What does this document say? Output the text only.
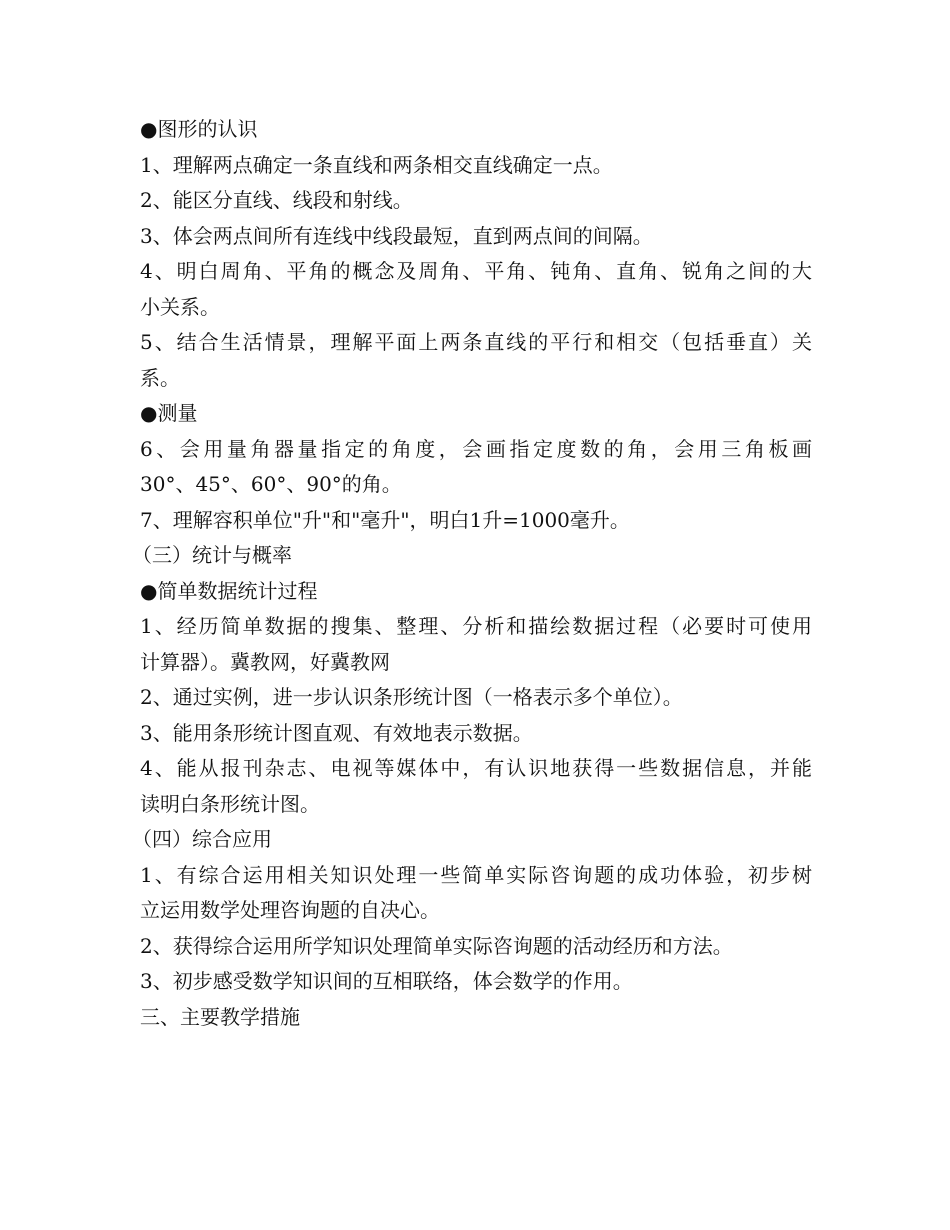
●图形的认识
1、理解两点确定一条直线和两条相交直线确定一点。
2、能区分直线、线段和射线。
3、体会两点间所有连线中线段最短，直到两点间的间隔。
4、明白周角、平角的概念及周角、平角、钝角、直角、锐角之间的大
小关系。
5、结合生活情景，理解平面上两条直线的平行和相交（包括垂直）关
系。
●测量
6、会用量角器量指定的角度，会画指定度数的角，会用三角板画
30°、45°、60°、90°的角。
7、理解容积单位"升"和"毫升"，明白1升=1000毫升。
（三）统计与概率
●简单数据统计过程
1、经历简单数据的搜集、整理、分析和描绘数据过程（必要时可使用
计算器）。冀教网，好冀教网
2、通过实例，进一步认识条形统计图（一格表示多个单位）。
3、能用条形统计图直观、有效地表示数据。
4、能从报刊杂志、电视等媒体中，有认识地获得一些数据信息，并能
读明白条形统计图。
（四）综合应用
1、有综合运用相关知识处理一些简单实际咨询题的成功体验，初步树
立运用数学处理咨询题的自决心。
2、获得综合运用所学知识处理简单实际咨询题的活动经历和方法。
3、初步感受数学知识间的互相联络，体会数学的作用。
三、主要教学措施
